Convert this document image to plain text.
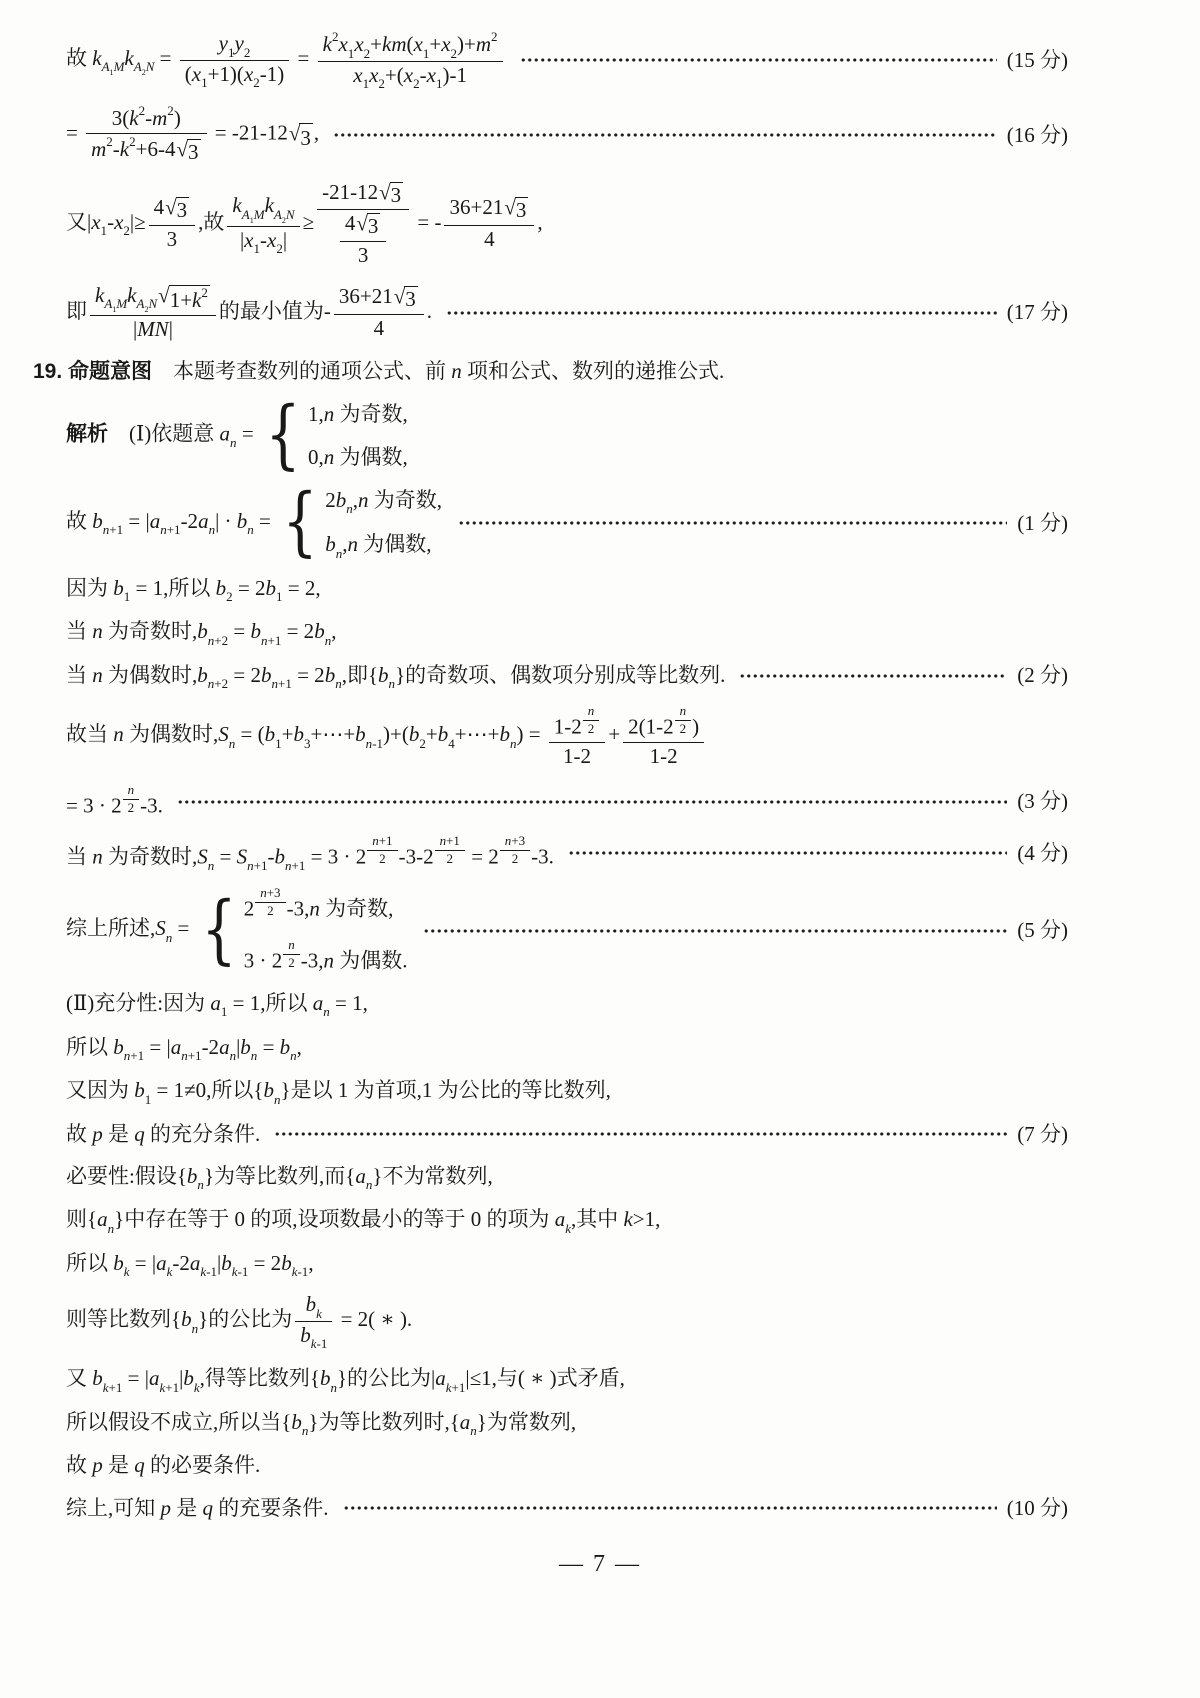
故 $kA1MkA2N = \frac{y1y2}{(x1+1)(x2-1)} = \frac{k2x1x2+km(x1+x2)+m2}{x1x2+(x2-x1)-1}$	(15 分)
= $\frac{3(k2-m2)}{m2-k2+6-4 √ 3} = -21-12$ √ 3 ,	(16 分)
又$|x1-x2|\ge \frac{4 √ 3}{3}$ ,故 $\frac{\text{kA1MkA2N}}{|x1-x2|} \ge \frac{-21-12 √ 3}{\frac{4 √ 3}{3}}$ = - $\frac{36+21 √ 3}{4}$ ,
即 $\frac{\text{kA1MkA2N √ 1+k2}}{|MN|}$ 的最小值为- $\frac{36+21 √ 3}{4}$ .	(17 分)
19. 命题意图　本题考查数列的通项公式、前 n 项和公式、数列的递推公式.
解析　(Ⅰ)依题意 an = { 1,n 为奇数,
0,n 为偶数,
故 bn+1 = |an+1-2an| · bn = { 2bn,n 为奇数,
bn,n 为偶数,
(1 分)
因为 b1 = 1,所以 b2 = 2b1 = 2,
当 n 为奇数时,bn+2 = bn+1 = 2bn,
当 n 为偶数时,bn+2 = 2bn+1 = 2bn,即{bn}的奇数项、偶数项分别成等比数列.	(2 分)
故当 n 为偶数时,Sn = (b1+b3+⋯+bn-1)+(b2+b4+⋯+bn) = $\frac{1-2 \frac{n}{2}}{1-2} + \frac{2(1-2 \frac{n}{2} )}{1-2}$
= $3 \cdot 2 \frac{n}{2} -3$.	(3 分)
当 n 为奇数时$,Sn = Sn+1-bn+1 = 3 \cdot 2 \frac{n+1}{2} -3-2 \frac{n+1}{2} = 2 \frac{n+3}{2} -3$.	(4 分)
综上所述,Sn = { $2 \frac{n+3}{2} -3,n$ 为奇数,
$3 \cdot 2 \frac{n}{2} -3,n$ 为偶数.
(5 分)
(Ⅱ)充分性:因为 a1 = 1,所以 an = 1,
所以 bn+1 = |an+1-2an|bn = bn,
又因为 b1 = 1≠0,所以{bn}是以 1 为首项,1 为公比的等比数列,
故 p 是 q 的充分条件.	(7 分)
必要性:假设{bn}为等比数列,而{an}不为常数列,
则{an}中存在等于 0 的项,设项数最小的等于 0 的项为 ak,其中 k>1,
所以 bk = |ak-2ak-1|bk-1 = 2bk-1,
则等比数列{bn}的公比为 $\frac{bk}{bk-1} = 2$( ∗ ).
又 bk+1 = |ak+1|bk,得等比数列{bn}的公比为|ak+1|≤1,与( ∗ )式矛盾,
所以假设不成立,所以当{bn}为等比数列时,{an}为常数列,
故 p 是 q 的必要条件.
综上,可知 p 是 q 的充要条件.	(10 分)
— 7 —
